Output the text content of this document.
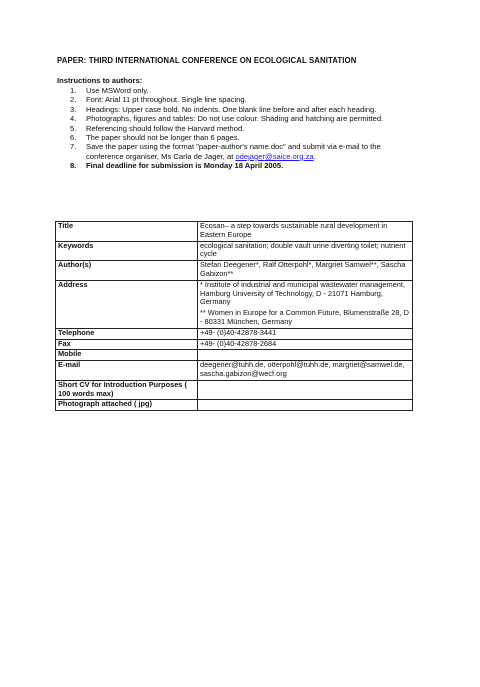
PAPER: THIRD INTERNATIONAL CONFERENCE ON ECOLOGICAL SANITATION
Instructions to authors:
1. Use MSWord only.
2. Font: Arial 11 pt throughout. Single line spacing.
3. Headings: Upper case bold. No indents. One blank line before and after each heading.
4. Photographs, figures and tables: Do not use colour. Shading and hatching are permitted.
5. Referencing should follow the Harvard method.
6. The paper should not be longer than 6 pages.
7. Save the paper using the format "paper-author's name.doc" and submit via e-mail to the conference organiser, Ms Carla de Jager, at odejager@saice.org.za.
8. Final deadline for submission is Monday 18 April 2005.
Title	Ecosan– a step towards sustainable rural development in Eastern Europe

Keywords	ecological sanitation; double vault urine diverting toilet; nutrient cycle

Author(s)	Stefan Deegener*, Ralf Otterpohl*, Margriet Samwel**, Sascha Gabizon**

Address	* Institute of industrial and municipal wastewater management, Hamburg University of Technology, D - 21071 Hamburg, Germany
** Women in Europe for a Common Future, Blumenstraße 28, D - 80331 München, Germany

Telephone	+49- (0)40-42878-3441

Fax	+49- (0)40-42878-2684

Mobile	

E-mail	deegener@tuhh.de, otterpohl@tuhh.de, margriet@samwel.de, sascha.gabizon@wecf.org

Short CV for Introduction Purposes ( 100 words max)	

Photograph attached ( jpg)	
